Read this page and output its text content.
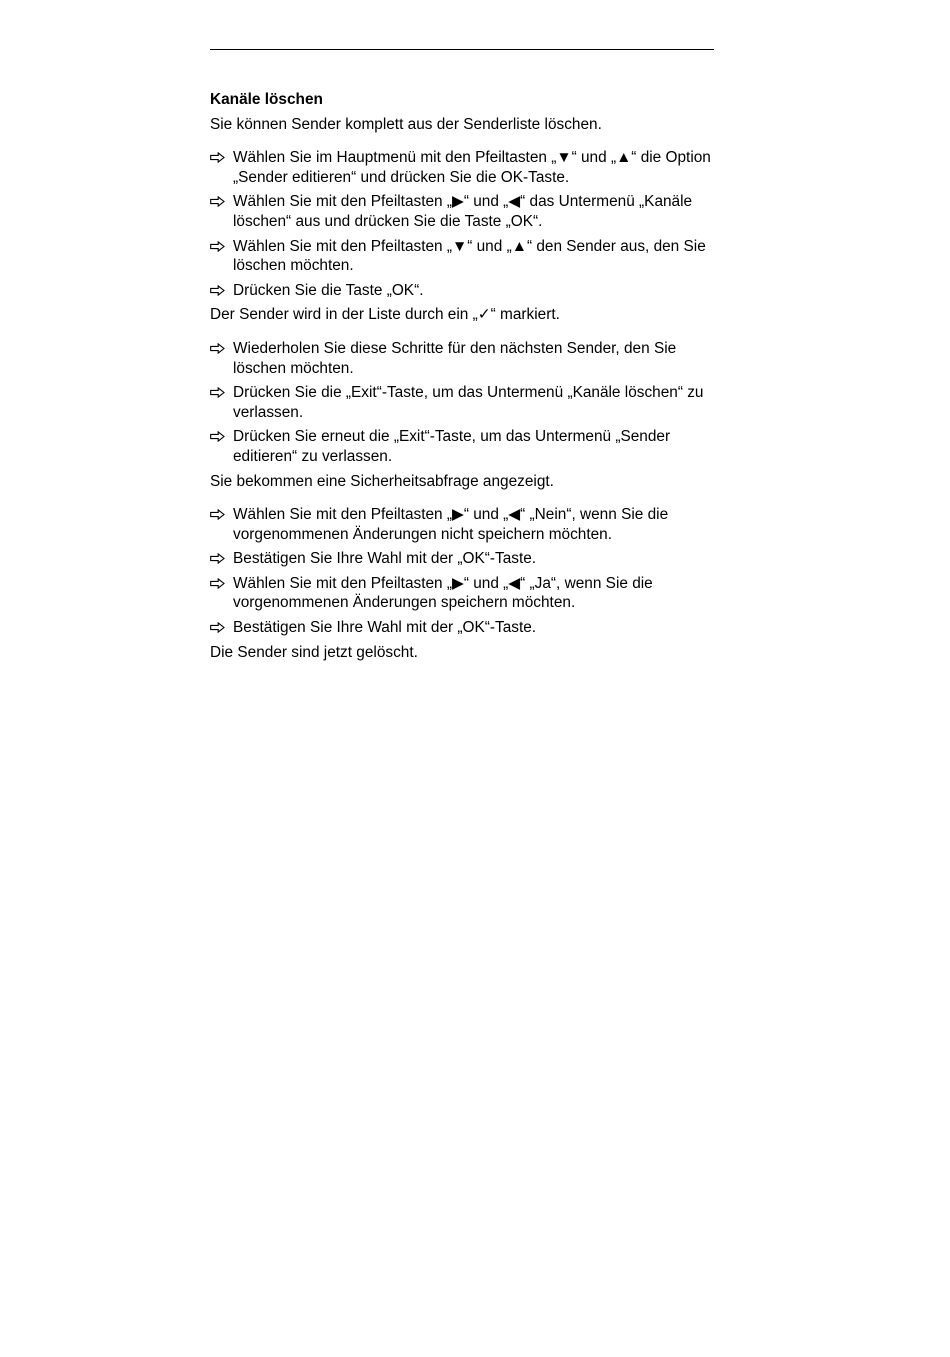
Kanäle löschen
Sie können Sender komplett aus der Senderliste löschen.
Wählen Sie im Hauptmenü mit den Pfeiltasten „▼“ und „▲“ die Option „Sender editieren“ und drücken Sie die OK-Taste.
Wählen Sie mit den Pfeiltasten „▶“ und „◀“ das Untermenü „Kanäle löschen“ aus und drücken Sie die Taste „OK“.
Wählen Sie mit den Pfeiltasten „▼“ und „▲“ den Sender aus, den Sie löschen möchten.
Drücken Sie die Taste „OK“.
Der Sender wird in der Liste durch ein „✓“ markiert.
Wiederholen Sie diese Schritte für den nächsten Sender, den Sie löschen möchten.
Drücken Sie die „Exit“-Taste, um das Untermenü „Kanäle löschen“ zu verlassen.
Drücken Sie erneut die „Exit“-Taste, um das Untermenü „Sender editieren“ zu verlassen.
Sie bekommen eine Sicherheitsabfrage angezeigt.
Wählen Sie mit den Pfeiltasten „▶“ und „◀“ „Nein“, wenn Sie die vorgenommenen Änderungen nicht speichern möchten.
Bestätigen Sie Ihre Wahl mit der „OK“-Taste.
Wählen Sie mit den Pfeiltasten „▶“ und „◀“ „Ja“, wenn Sie die vorgenommenen Änderungen speichern möchten.
Bestätigen Sie Ihre Wahl mit der „OK“-Taste.
Die Sender sind jetzt gelöscht.
